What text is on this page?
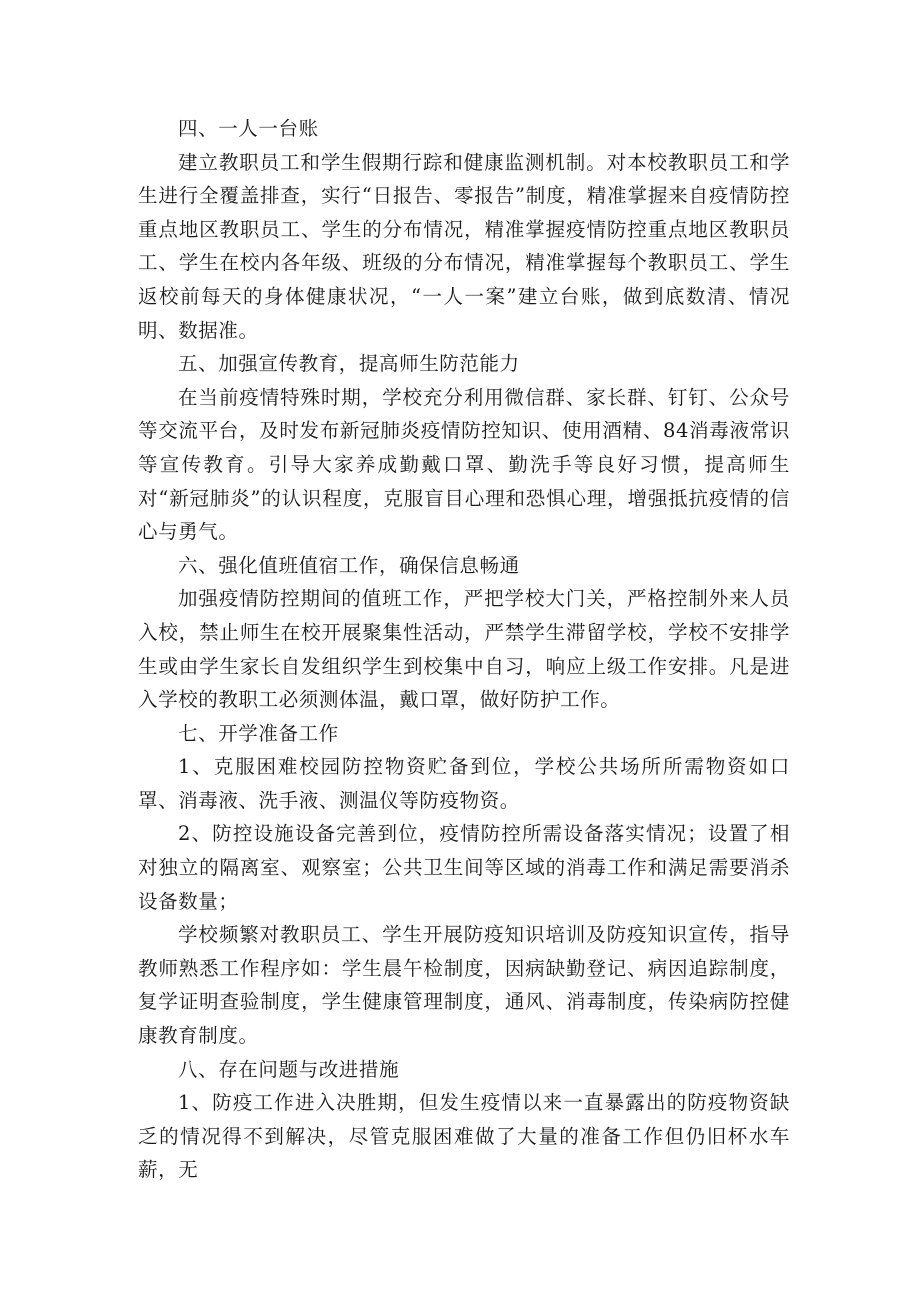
四、一人一台账

建立教职员工和学生假期行踪和健康监测机制。对本校教职员工和学生进行全覆盖排查，实行“日报告、零报告”制度，精准掌握来自疫情防控重点地区教职员工、学生的分布情况，精准掌握疫情防控重点地区教职员工、学生在校内各年级、班级的分布情况，精准掌握每个教职员工、学生返校前每天的身体健康状况，“一人一案”建立台账，做到底数清、情况明、数据准。

五、加强宣传教育，提高师生防范能力

在当前疫情特殊时期，学校充分利用微信群、家长群、钉钉、公众号等交流平台，及时发布新冠肺炎疫情防控知识、使用酒精、84消毒液常识等宣传教育。引导大家养成勤戴口罩、勤洗手等良好习惯，提高师生对“新冠肺炎”的认识程度，克服盲目心理和恐惧心理，增强抵抗疫情的信心与勇气。

六、强化值班值宿工作，确保信息畅通

加强疫情防控期间的值班工作，严把学校大门关，严格控制外来人员入校，禁止师生在校开展聚集性活动，严禁学生滞留学校，学校不安排学生或由学生家长自发组织学生到校集中自习，响应上级工作安排。凡是进入学校的教职工必须测体温，戴口罩，做好防护工作。

七、开学准备工作

1、克服困难校园防控物资贮备到位，学校公共场所所需物资如口罩、消毒液、洗手液、测温仪等防疫物资。

2、防控设施设备完善到位，疫情防控所需设备落实情况；设置了相对独立的隔离室、观察室；公共卫生间等区域的消毒工作和满足需要消杀设备数量；

学校频繁对教职员工、学生开展防疫知识培训及防疫知识宣传，指导教师熟悉工作程序如：学生晨午检制度，因病缺勤登记、病因追踪制度，复学证明查验制度，学生健康管理制度，通风、消毒制度，传染病防控健康教育制度。

八、存在问题与改进措施

1、防疫工作进入决胜期，但发生疫情以来一直暴露出的防疫物资缺乏的情况得不到解决，尽管克服困难做了大量的准备工作但仍旧杯水车薪，无
